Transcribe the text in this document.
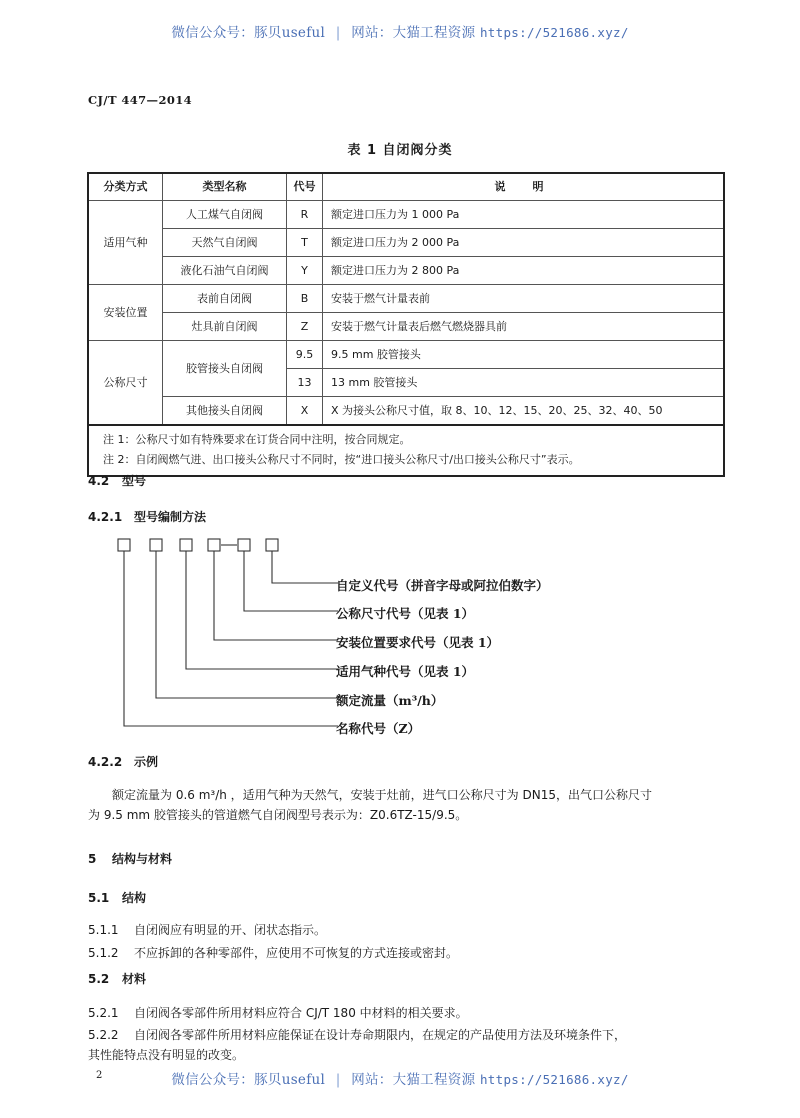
微信公众号：豚贝useful | 网站：大猫工程资源 https://521686.xyz/
CJ/T 447—2014
表 1 自闭阀分类
分类方式	类型名称	代号	说　明
适用气种	人工煤气自闭阀	R	额定进口压力为 1 000 Pa
	天然气自闭阀	T	额定进口压力为 2 000 Pa
	液化石油气自闭阀	Y	额定进口压力为 2 800 Pa
安装位置	表前自闭阀	B	安装于燃气计量表前
	灶具前自闭阀	Z	安装于燃气计量表后燃气燃烧器具前
公称尺寸	胶管接头自闭阀	9.5	9.5 mm 胶管接头
		13	13 mm 胶管接头
	其他接头自闭阀	X	X 为接头公称尺寸值，取 8、10、12、15、20、25、32、40、50

注 1：公称尺寸如有特殊要求在订货合同中注明，按合同规定。
注 2：自闭阀燃气进、出口接头公称尺寸不同时，按“进口接头公称尺寸/出口接头公称尺寸”表示。			
4.2 型号
4.2.1 型号编制方法
自定义代号（拼音字母或阿拉伯数字）
公称尺寸代号（见表 1）
安装位置要求代号（见表 1）
适用气种代号（见表 1）
额定流量（m³/h）
名称代号（Z）
4.2.2 示例
额定流量为 0.6 m³/h ，适用气种为天然气，安装于灶前，进气口公称尺寸为 DN15，出气口公称尺寸
为 9.5 mm 胶管接头的管道燃气自闭阀型号表示为：Z0.6TZ-15/9.5。
5 结构与材料
5.1 结构
5.1.1 自闭阀应有明显的开、闭状态指示。
5.1.2 不应拆卸的各种零部件，应使用不可恢复的方式连接或密封。
5.2 材料
5.2.1 自闭阀各零部件所用材料应符合 CJ/T 180 中材料的相关要求。
5.2.2 自闭阀各零部件所用材料应能保证在设计寿命期限内，在规定的产品使用方法及环境条件下，
其性能特点没有明显的改变。
2	微信公众号：豚贝useful | 网站：大猫工程资源 https://521686.xyz/
